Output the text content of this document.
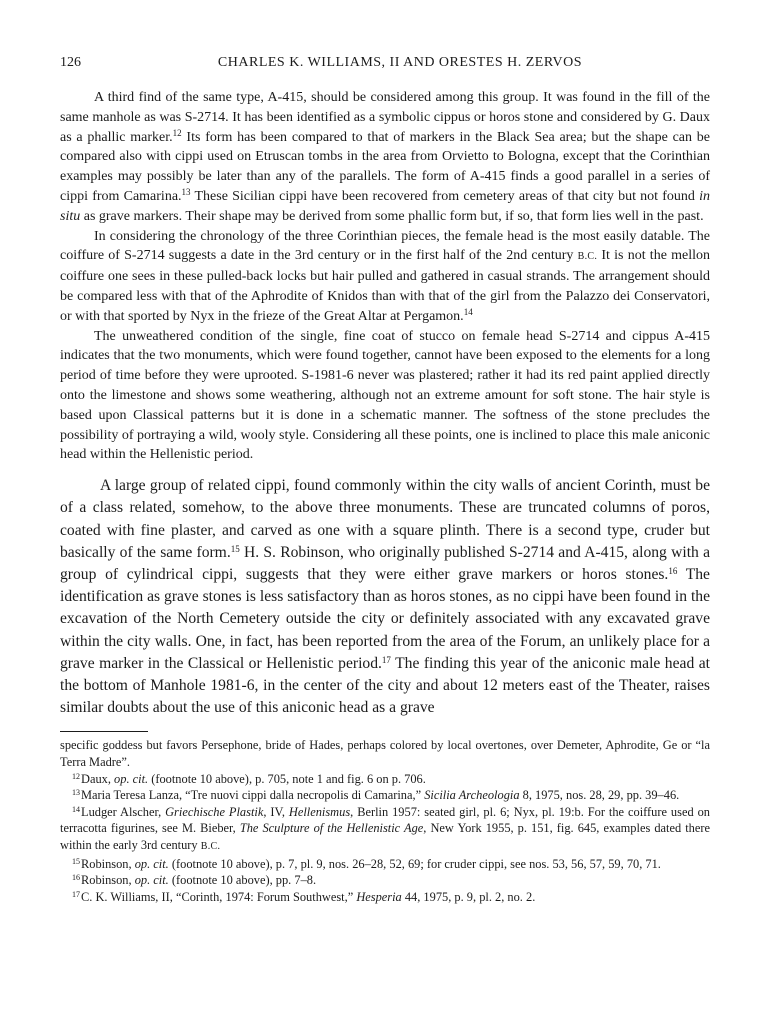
126	CHARLES K. WILLIAMS, II AND ORESTES H. ZERVOS

A third find of the same type, A-415, should be considered among this group. It was found in the fill of the same manhole as was S-2714. It has been identified as a symbolic cippus or horos stone and considered by G. Daux as a phallic marker.$^{12}$ Its form has been compared to that of markers in the Black Sea area; but the shape can be compared also with cippi used on Etruscan tombs in the area from Orvietto to Bologna, except that the Corinthian examples may possibly be later than any of the parallels. The form of A-415 finds a good parallel in a series of cippi from Camarina.$^{13}$ These Sicilian cippi have been recovered from cemetery areas of that city but not found in situ as grave markers. Their shape may be derived from some phallic form but, if so, that form lies well in the past.

In considering the chronology of the three Corinthian pieces, the female head is the most easily datable. The coiffure of S-2714 suggests a date in the 3rd century or in the first half of the 2nd century B.C. It is not the mellon coiffure one sees in these pulled-back locks but hair pulled and gathered in casual strands. The arrangement should be compared less with that of the Aphrodite of Knidos than with that of the girl from the Palazzo dei Conservatori, or with that sported by Nyx in the frieze of the Great Altar at Pergamon.$^{14}$

The unweathered condition of the single, fine coat of stucco on female head S-2714 and cippus A-415 indicates that the two monuments, which were found together, cannot have been exposed to the elements for a long period of time before they were uprooted. S-1981-6 never was plastered; rather it had its red paint applied directly onto the limestone and shows some weathering, although not an extreme amount for soft stone. The hair style is based upon Classical patterns but it is done in a schematic manner. The softness of the stone precludes the possibility of portraying a wild, wooly style. Considering all these points, one is inclined to place this male aniconic head within the Hellenistic period.

A large group of related cippi, found commonly within the city walls of ancient Corinth, must be of a class related, somehow, to the above three monuments. These are truncated columns of poros, coated with fine plaster, and carved as one with a square plinth. There is a second type, cruder but basically of the same form.$^{15}$ H. S. Robinson, who originally published S-2714 and A-415, along with a group of cylindrical cippi, suggests that they were either grave markers or horos stones.$^{16}$ The identification as grave stones is less satisfactory than as horos stones, as no cippi have been found in the excavation of the North Cemetery outside the city or definitely associated with any excavated grave within the city walls. One, in fact, has been reported from the area of the Forum, an unlikely place for a grave marker in the Classical or Hellenistic period.$^{17}$ The finding this year of the aniconic male head at the bottom of Manhole 1981-6, in the center of the city and about 12 meters east of the Theater, raises similar doubts about the use of this aniconic head as a grave

specific goddess but favors Persephone, bride of Hades, perhaps colored by local overtones, over Demeter, Aphrodite, Ge or “la Terra Madre”.

$^{12}$Daux, op. cit. (footnote 10 above), p. 705, note 1 and fig. 6 on p. 706.

$^{13}$Maria Teresa Lanza, “Tre nuovi cippi dalla necropolis di Camarina,” Sicilia Archeologia 8, 1975, nos. 28, 29, pp. 39–46.

$^{14}$Ludger Alscher, Griechische Plastik, IV, Hellenismus, Berlin 1957: seated girl, pl. 6; Nyx, pl. 19:b. For the coiffure used on terracotta figurines, see M. Bieber, The Sculpture of the Hellenistic Age, New York 1955, p. 151, fig. 645, examples dated there within the early 3rd century B.C.

$^{15}$Robinson, op. cit. (footnote 10 above), p. 7, pl. 9, nos. 26–28, 52, 69; for cruder cippi, see nos. 53, 56, 57, 59, 70, 71.

$^{16}$Robinson, op. cit. (footnote 10 above), pp. 7–8.

$^{17}$C. K. Williams, II, “Corinth, 1974: Forum Southwest,” Hesperia 44, 1975, p. 9, pl. 2, no. 2.
